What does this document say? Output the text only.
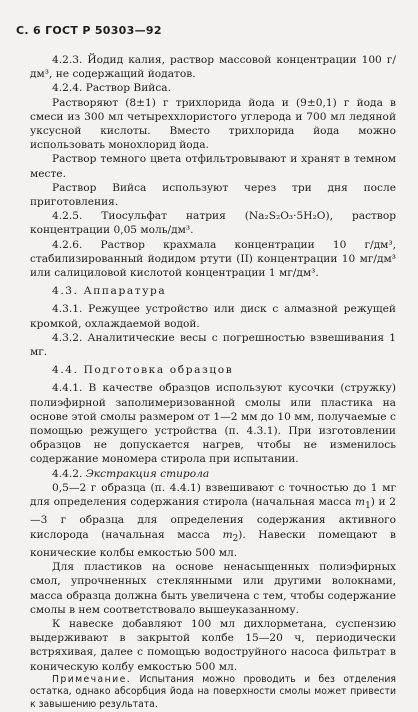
С. 6 ГОСТ Р 50303—92

4.2.3. Йодид калия, раствор массовой концентрации 100 г/дм³, не содержащий йодатов.

4.2.4. Раствор Вийса.

Растворяют (8±1) г трихлорида йода и (9±0,1) г йода в смеси из 300 мл четыреххлористого углерода и 700 мл ледяной уксусной кислоты. Вместо трихлорида йода можно использовать монохлорид йода.

Раствор темного цвета отфильтровывают и хранят в темном месте.

Раствор Вийса используют через три дня после приготовления.

4.2.5. Тиосульфат натрия (Na₂S₂O₃·5H₂O), раствор концентрации 0,05 моль/дм³.

4.2.6. Раствор крахмала концентрации 10 г/дм³, стабилизированный йодидом ртути (II) концентрации 10 мг/дм³ или салициловой кислотой концентрации 1 мг/дм³.

4.3. Аппаратура

4.3.1. Режущее устройство или диск с алмазной режущей кромкой, охлаждаемой водой.

4.3.2. Аналитические весы с погрешностью взвешивания 1 мг.

4.4. Подготовка образцов

4.4.1. В качестве образцов используют кусочки (стружку) полиэфирной заполимеризованной смолы или пластика на основе этой смолы размером от 1—2 мм до 10 мм, получаемые с помощью режущего устройства (п. 4.3.1). При изготовлении образцов не допускается нагрев, чтобы не изменилось содержание мономера стирола при испытании.

4.4.2. Экстракция стирола

0,5—2 г образца (п. 4.4.1) взвешивают с точностью до 1 мг для определения содержания стирола (начальная масса $m_1$) и 2—3 г образца для определения содержания активного кислорода (начальная масса $m_2$). Навески помещают в конические колбы емкостью 500 мл.

Для пластиков на основе ненасыщенных полиэфирных смол, упрочненных стеклянными или другими волокнами, масса образца должна быть увеличена с тем, чтобы содержание смолы в нем соответствовало вышеуказанному.

К навеске добавляют 100 мл дихлорметана, суспензию выдерживают в закрытой колбе 15—20 ч, периодически встряхивая, далее с помощью водоструйного насоса фильтрат в коническую колбу емкостью 500 мл.

Примечание. Испытания можно проводить и без отделения остатка, однако абсорбция йода на поверхности смолы может привести к завышению результата.
